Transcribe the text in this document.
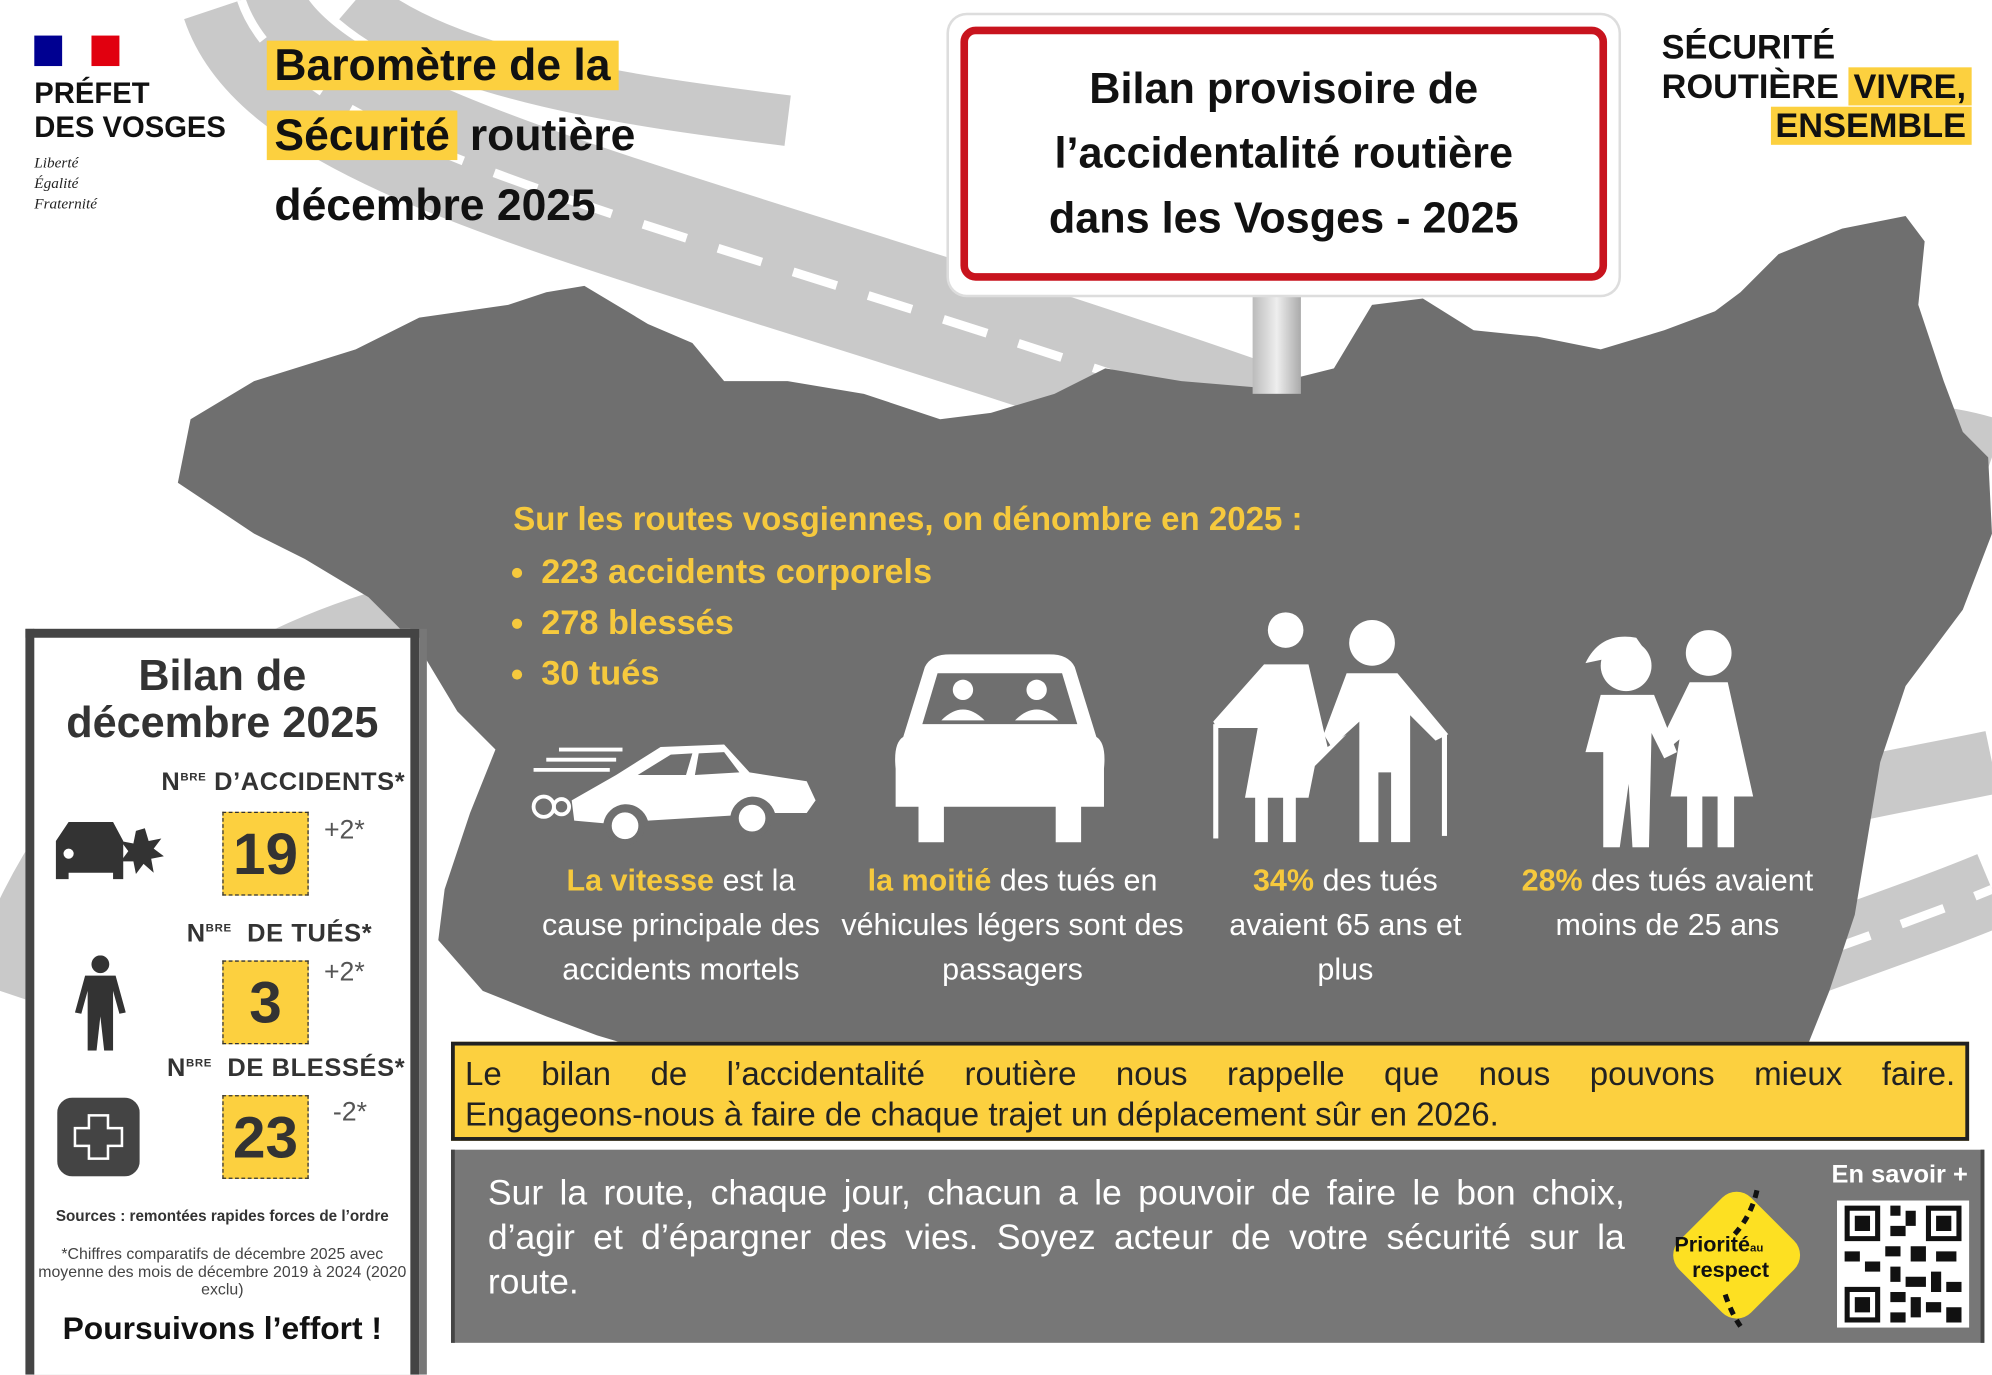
PRÉFET
DES VOSGES
Liberté
Égalité
Fraternité
Baromètre de la
Sécurité routière
décembre 2025
Bilan provisoire de
l’accidentalité routière
dans les Vosges - 2025
SÉCURITÉ
ROUTIÈRE VIVRE,
ENSEMBLE
Sur les routes vosgiennes, on dénombre en 2025 :
• 223 accidents corporels
• 278 blessés
• 30 tués
La vitesse est la cause principale des accidents mortels
la moitié des tués en véhicules légers sont des passagers
34% des tués avaient 65 ans et plus
28% des tués avaient moins de 25 ans
Bilan de
décembre 2025
$N^{BRE}$ D’ACCIDENTS*
19	+2*
$N^{BRE}$  DE TUÉS*
3	+2*
$N^{BRE}$  DE BLESSÉS*
23	-2*
Sources : remontées rapides forces de l’ordre
*Chiffres comparatifs de décembre 2025 avec moyenne des mois de décembre 2019 à 2024 (2020 exclu)
Poursuivons l’effort !
Le bilan de l’accidentalité routière nous rappelle que nous pouvons mieux faire.
Engageons-nous à faire de chaque trajet un déplacement sûr en 2026.
Sur la route, chaque jour, chacun a le pouvoir de faire le bon choix, d’agir et d’épargner des vies. Soyez acteur de votre sécurité sur la route.
Prioritéau
respect
En savoir +
